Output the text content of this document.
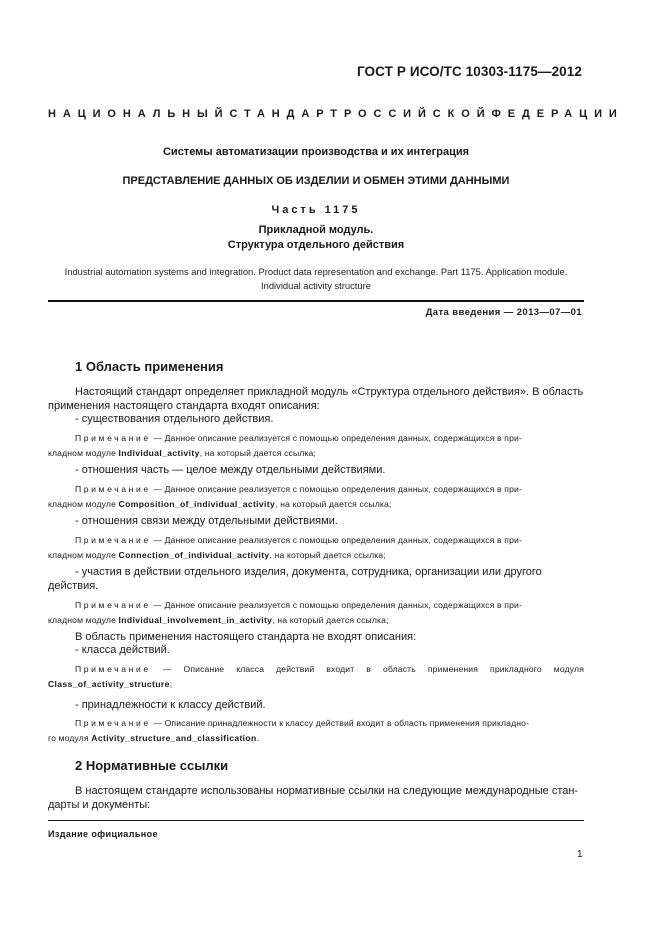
ГОСТ Р ИСО/ТС 10303-1175—2012
НАЦИОНАЛЬНЫЙ СТАНДАРТ РОССИЙСКОЙ ФЕДЕРАЦИИ
Системы автоматизации производства и их интеграция
ПРЕДСТАВЛЕНИЕ ДАННЫХ ОБ ИЗДЕЛИИ И ОБМЕН ЭТИМИ ДАННЫМИ
Часть 1175
Прикладной модуль.
Структура отдельного действия
Industrial automation systems and integration. Product data representation and exchange. Part 1175. Application module.
Individual activity structure
Дата введения — 2013—07—01
1 Область применения
Настоящий стандарт определяет прикладной модуль «Структура отдельного действия». В область
применения настоящего стандарта входят описания:
- существования отдельного действия.
Примечание — Данное описание реализуется с помощью определения данных, содержащихся в при-
кладном модуле Individual_activity, на который дается ссылка;
- отношения часть — целое между отдельными действиями.
Примечание — Данное описание реализуется с помощью определения данных, содержащихся в при-
кладном модуле Composition_of_individual_activity, на который дается ссылка;
- отношения связи между отдельными действиями.
Примечание — Данное описание реализуется с помощью определения данных, содержащихся в при-
кладном модуле Connection_of_individual_activity, на который дается ссылка;
- участия в действии отдельного изделия, документа, сотрудника, организации или другого
действия.
Примечание — Данное описание реализуется с помощью определения данных, содержащихся в при-
кладном модуле Individual_involvement_in_activity, на который дается ссылка;
В область применения настоящего стандарта не входят описания:
- класса действий.
Примечание — Описание класса действий входит в область применения прикладного модуля
Class_of_activity_structure;
- принадлежности к классу действий.
Примечание — Описание принадлежности к классу действий входит в область применения прикладно-
го модуля Activity_structure_and_classification.
2 Нормативные ссылки
В настоящем стандарте использованы нормативные ссылки на следующие международные стан-
дарты и документы:
Издание официальное
1
